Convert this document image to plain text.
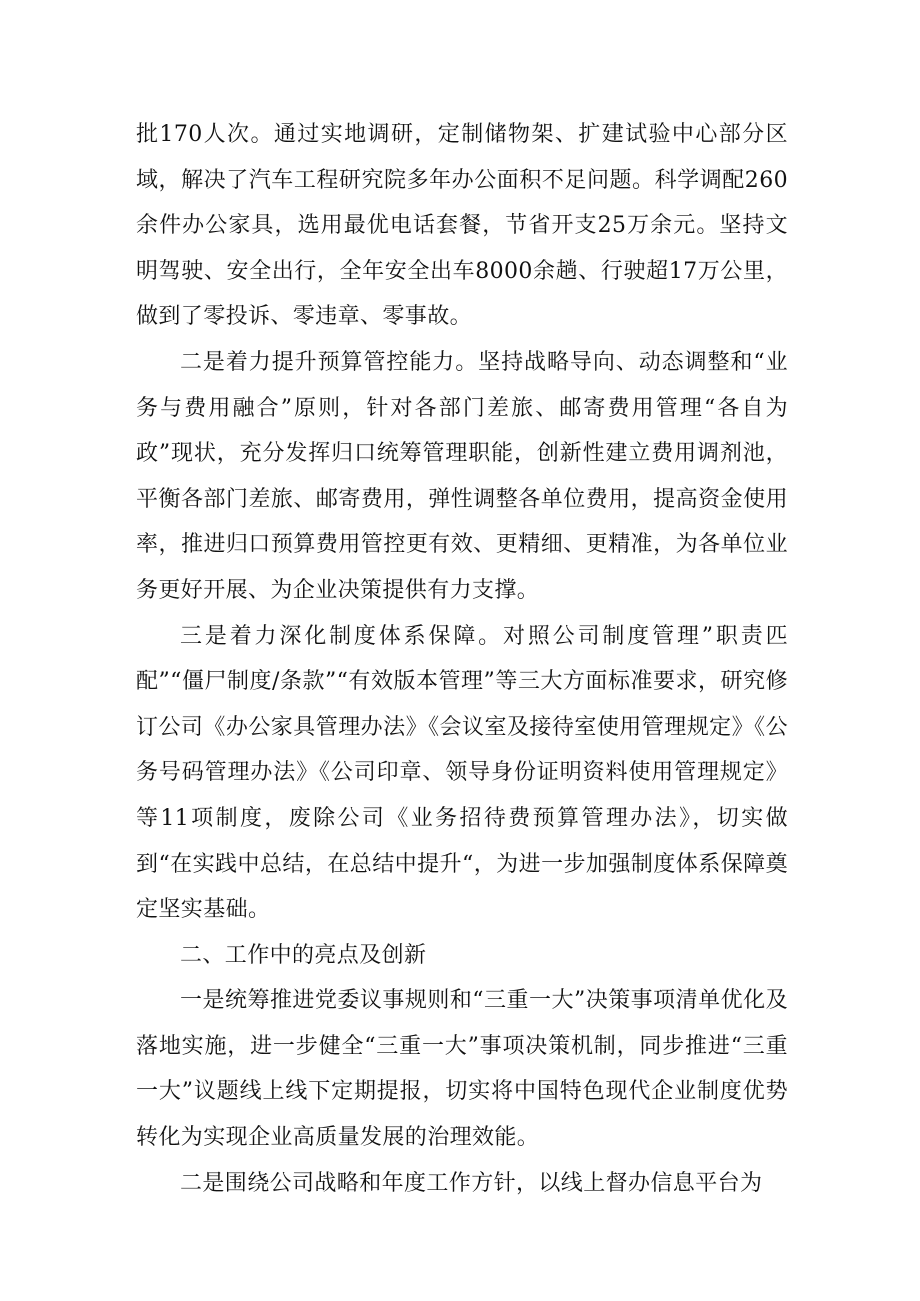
批170人次。通过实地调研，定制储物架、扩建试验中心部分区域，解决了汽车工程研究院多年办公面积不足问题。科学调配260余件办公家具，选用最优电话套餐，节省开支25万余元。坚持文明驾驶、安全出行，全年安全出车8000余趟、行驶超17万公里，做到了零投诉、零违章、零事故。

二是着力提升预算管控能力。坚持战略导向、动态调整和“业务与费用融合”原则，针对各部门差旅、邮寄费用管理“各自为政”现状，充分发挥归口统筹管理职能，创新性建立费用调剂池，平衡各部门差旅、邮寄费用，弹性调整各单位费用，提高资金使用率，推进归口预算费用管控更有效、更精细、更精准，为各单位业务更好开展、为企业决策提供有力支撑。

三是着力深化制度体系保障。对照公司制度管理”职责匹配”“僵尸制度/条款”“有效版本管理”等三大方面标准要求，研究修订公司《办公家具管理办法》《会议室及接待室使用管理规定》《公务号码管理办法》《公司印章、领导身份证明资料使用管理规定》等11项制度，废除公司《业务招待费预算管理办法》，切实做到“在实践中总结，在总结中提升“，为进一步加强制度体系保障奠定坚实基础。

二、工作中的亮点及创新

一是统筹推进党委议事规则和“三重一大”决策事项清单优化及落地实施，进一步健全“三重一大”事项决策机制，同步推进“三重一大”议题线上线下定期提报，切实将中国特色现代企业制度优势转化为实现企业高质量发展的治理效能。

二是围绕公司战略和年度工作方针，以线上督办信息平台为
